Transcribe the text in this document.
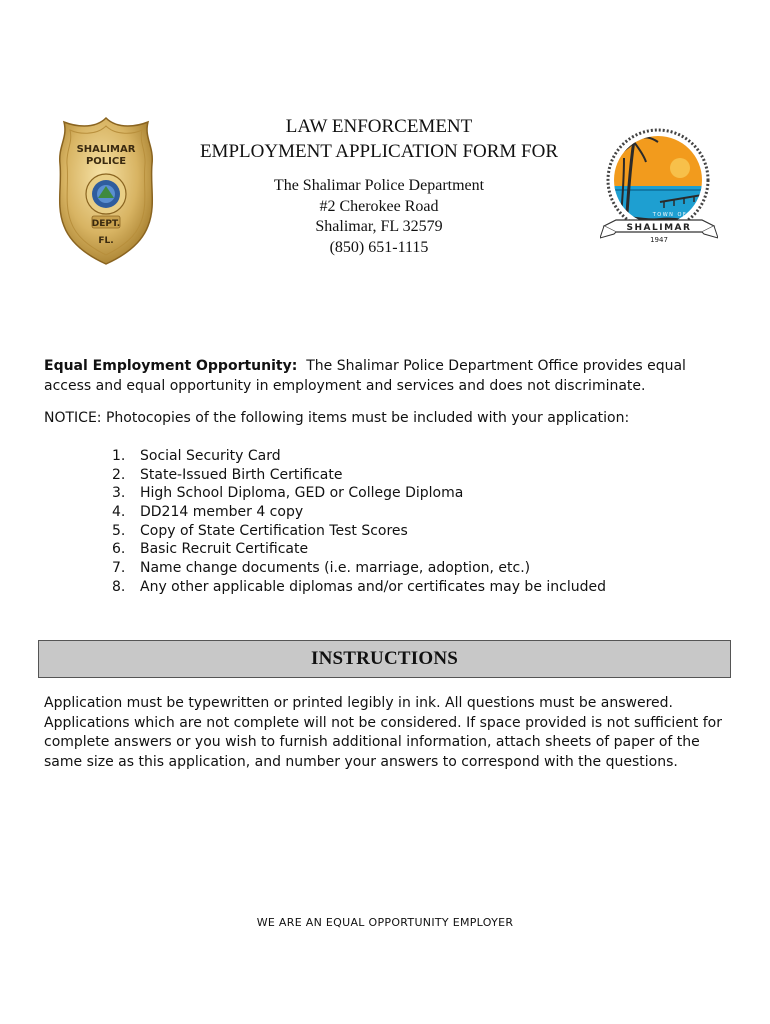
SHALIMAR
POLICE
DEPT.
FL.
TOWN OF
SHALIMAR
1947
LAW ENFORCEMENT
EMPLOYMENT APPLICATION FORM FOR
The Shalimar Police Department
#2 Cherokee Road
Shalimar, FL 32579
(850) 651-1115
Equal Employment Opportunity: The Shalimar Police Department Office provides equal access and equal opportunity in employment and services and does not discriminate.
NOTICE: Photocopies of the following items must be included with your application:
1.	Social Security Card
2.	State-Issued Birth Certificate
3.	High School Diploma, GED or College Diploma
4.	DD214 member 4 copy
5.	Copy of State Certification Test Scores
6.	Basic Recruit Certificate
7.	Name change documents (i.e. marriage, adoption, etc.)
8.	Any other applicable diplomas and/or certificates may be included
INSTRUCTIONS
Application must be typewritten or printed legibly in ink. All questions must be answered. Applications which are not complete will not be considered. If space provided is not sufficient for complete answers or you wish to furnish additional information, attach sheets of paper of the same size as this application, and number your answers to correspond with the questions.
WE ARE AN EQUAL OPPORTUNITY EMPLOYER
